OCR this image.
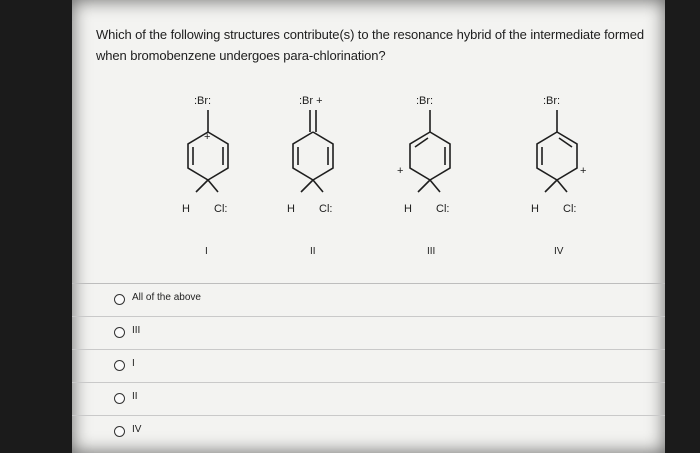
Which of the following structures contribute(s) to the resonance hybrid of the intermediate formed when bromobenzene undergoes para-chlorination?

:Br:
H Cl:
I
:Br +
H Cl:
II
:Br:
H Cl:
III
:Br:
H Cl:
IV
+
+	+
All of the above
III
I
II
IV
